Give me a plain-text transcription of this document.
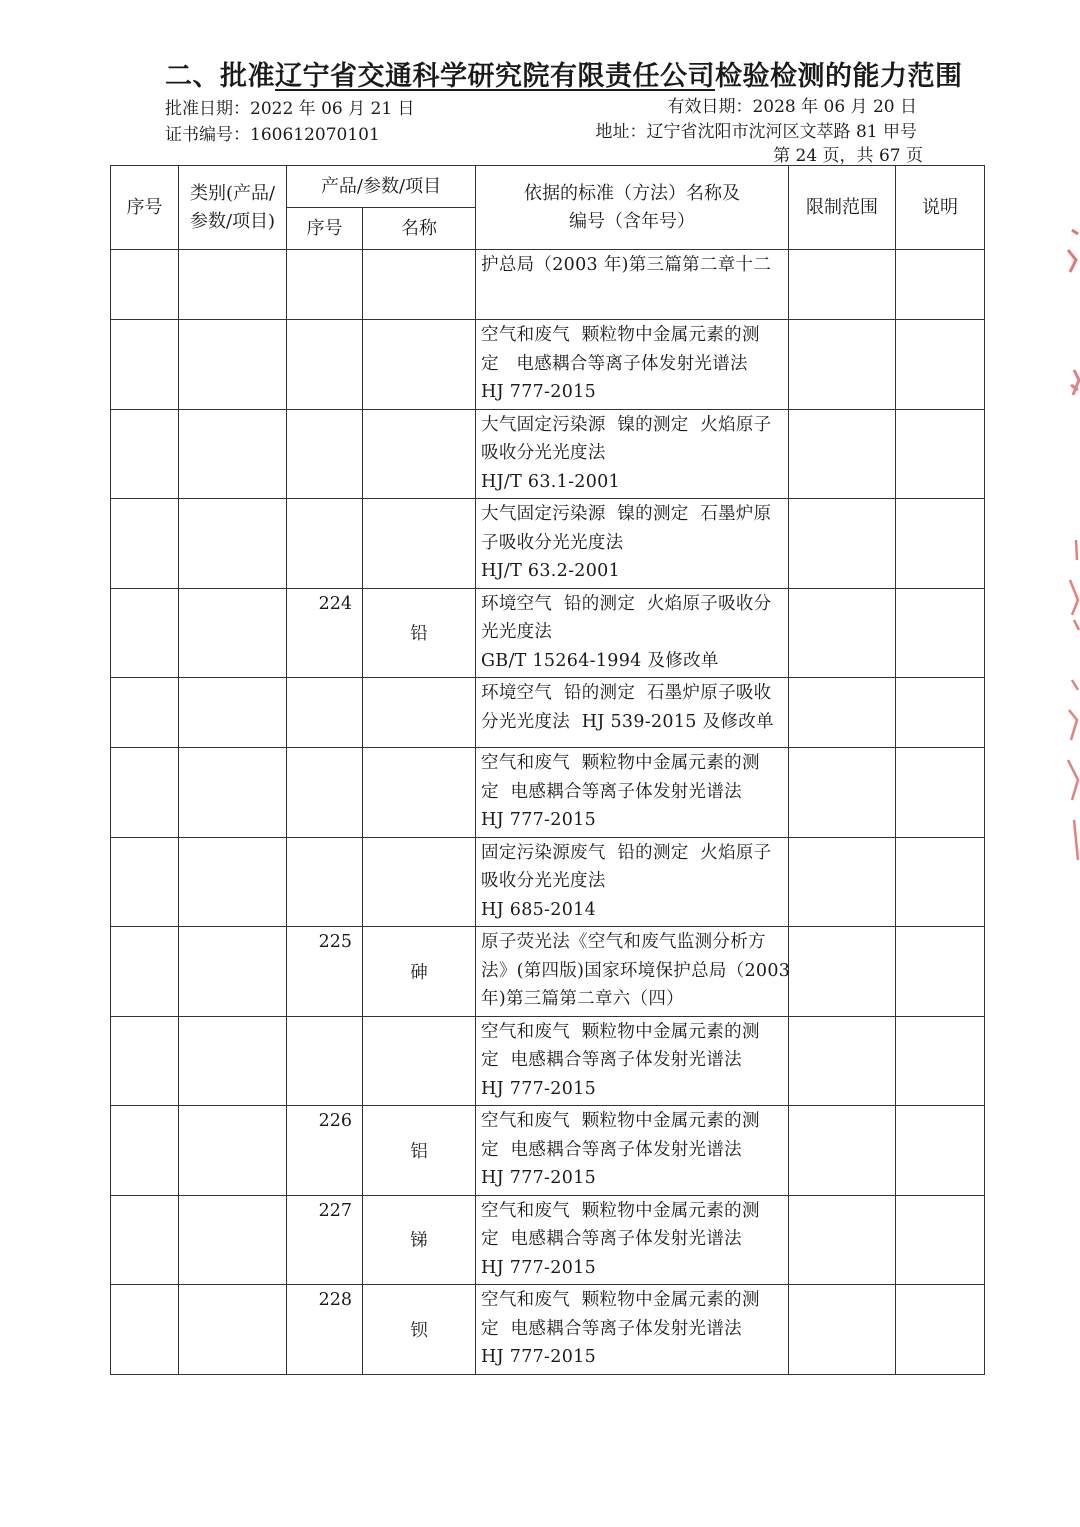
二、批准辽宁省交通科学研究院有限责任公司检验检测的能力范围
批准日期：2022 年 06 月 21 日	有效日期：2028 年 06 月 20 日
证书编号：160612070101	地址：辽宁省沈阳市沈河区文萃路 81 甲号
第 24 页，共 67 页
序号	类别(产品/参数/项目)	产品/参数/项目		依据的标准（方法）名称及编号（含年号）	限制范围	说明
		序号	名称			

				护总局（2003 年)第三篇第二章十二		

				空气和废气  颗粒物中金属元素的测
定   电感耦合等离子体发射光谱法
HJ 777-2015		

				大气固定污染源  镍的测定  火焰原子
吸收分光光度法
HJ/T 63.1-2001		

				大气固定污染源  镍的测定  石墨炉原
子吸收分光光度法
HJ/T 63.2-2001		

		224	铅	环境空气  铅的测定  火焰原子吸收分
光光度法
GB/T 15264-1994 及修改单		

				环境空气  铅的测定  石墨炉原子吸收
分光光度法  HJ 539-2015 及修改单		

				空气和废气  颗粒物中金属元素的测
定  电感耦合等离子体发射光谱法
HJ 777-2015		

				固定污染源废气  铅的测定  火焰原子
吸收分光光度法
HJ 685-2014		

		225	砷	原子荧光法《空气和废气监测分析方
法》(第四版)国家环境保护总局（2003
年)第三篇第二章六（四）		

				空气和废气  颗粒物中金属元素的测
定  电感耦合等离子体发射光谱法
HJ 777-2015		

		226	铝	空气和废气  颗粒物中金属元素的测
定  电感耦合等离子体发射光谱法
HJ 777-2015		

		227	锑	空气和废气  颗粒物中金属元素的测
定  电感耦合等离子体发射光谱法
HJ 777-2015		

		228	钡	空气和废气  颗粒物中金属元素的测
定  电感耦合等离子体发射光谱法
HJ 777-2015		
